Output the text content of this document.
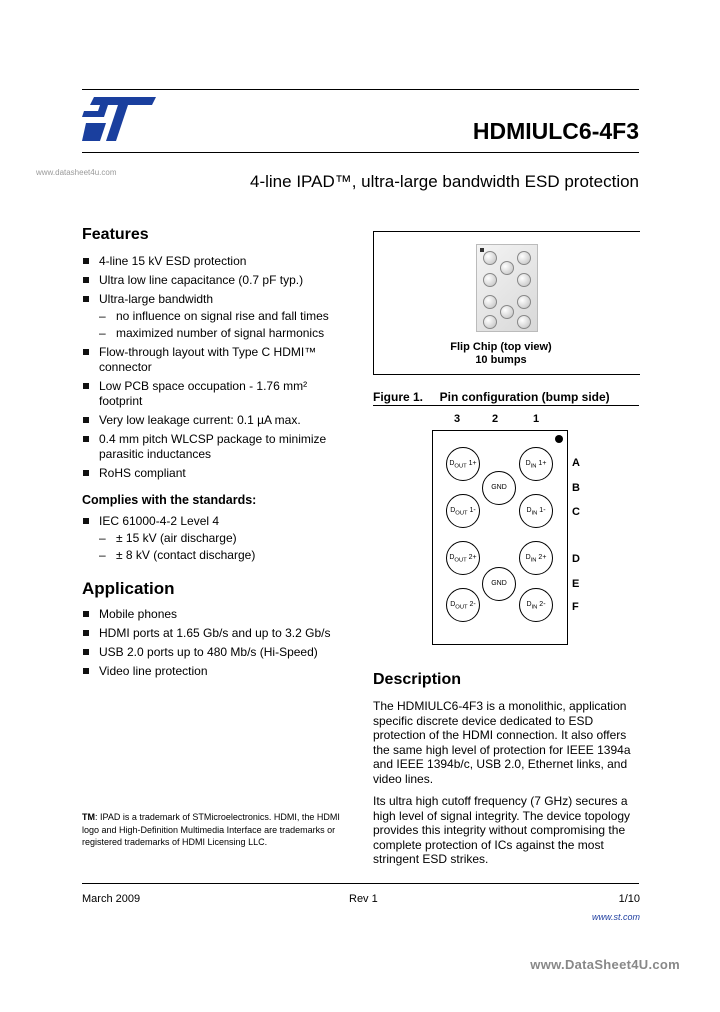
HDMIULC6-4F3
www.datasheet4u.com	4-line IPAD™, ultra-large bandwidth ESD protection
Features
4-line 15 kV ESD protection
Ultra low line capacitance (0.7 pF typ.)
Ultra-large bandwidth
– no influence on signal rise and fall times
– maximized number of signal harmonics
Flow-through layout with Type C HDMI™ connector
Low PCB space occupation - 1.76 mm² footprint
Very low leakage current: 0.1 µA max.
0.4 mm pitch WLCSP package to minimize parasitic inductances
RoHS compliant
Complies with the standards:
IEC 61000-4-2 Level 4
– ± 15 kV (air discharge)
– ± 8 kV (contact discharge)
Application
Mobile phones
HDMI ports at 1.65 Gb/s and up to 3.2 Gb/s
USB 2.0 ports up to 480 Mb/s (Hi-Speed)
Video line protection
Flip Chip (top view)
10 bumps
Figure 1.     Pin configuration (bump side)
3	2	1
$D_{OUT}$ 1+	$D_{IN}$ 1+
GND
$D_{OUT}$ 1-	$D_{IN}$ 1-
$D_{OUT}$ 2+	$D_{IN}$ 2+
GND
$D_{OUT}$ 2-	$D_{IN}$ 2-
A
B
C
D
E
F
Description

The HDMIULC6-4F3 is a monolithic, application specific discrete device dedicated to ESD protection of the HDMI connection. It also offers the same high level of protection for IEEE 1394a and IEEE 1394b/c, USB 2.0, Ethernet links, and video lines.

Its ultra high cutoff frequency (7 GHz) secures a high level of signal integrity. The device topology provides this integrity without compromising the complete protection of ICs against the most stringent ESD strikes.

TM: IPAD is a trademark of STMicroelectronics. HDMI, the HDMI logo and High-Definition Multimedia Interface are trademarks or registered trademarks of HDMI Licensing LLC.
March 2009	Rev 1	1/10
www.st.com
www.DataSheet4U.com
